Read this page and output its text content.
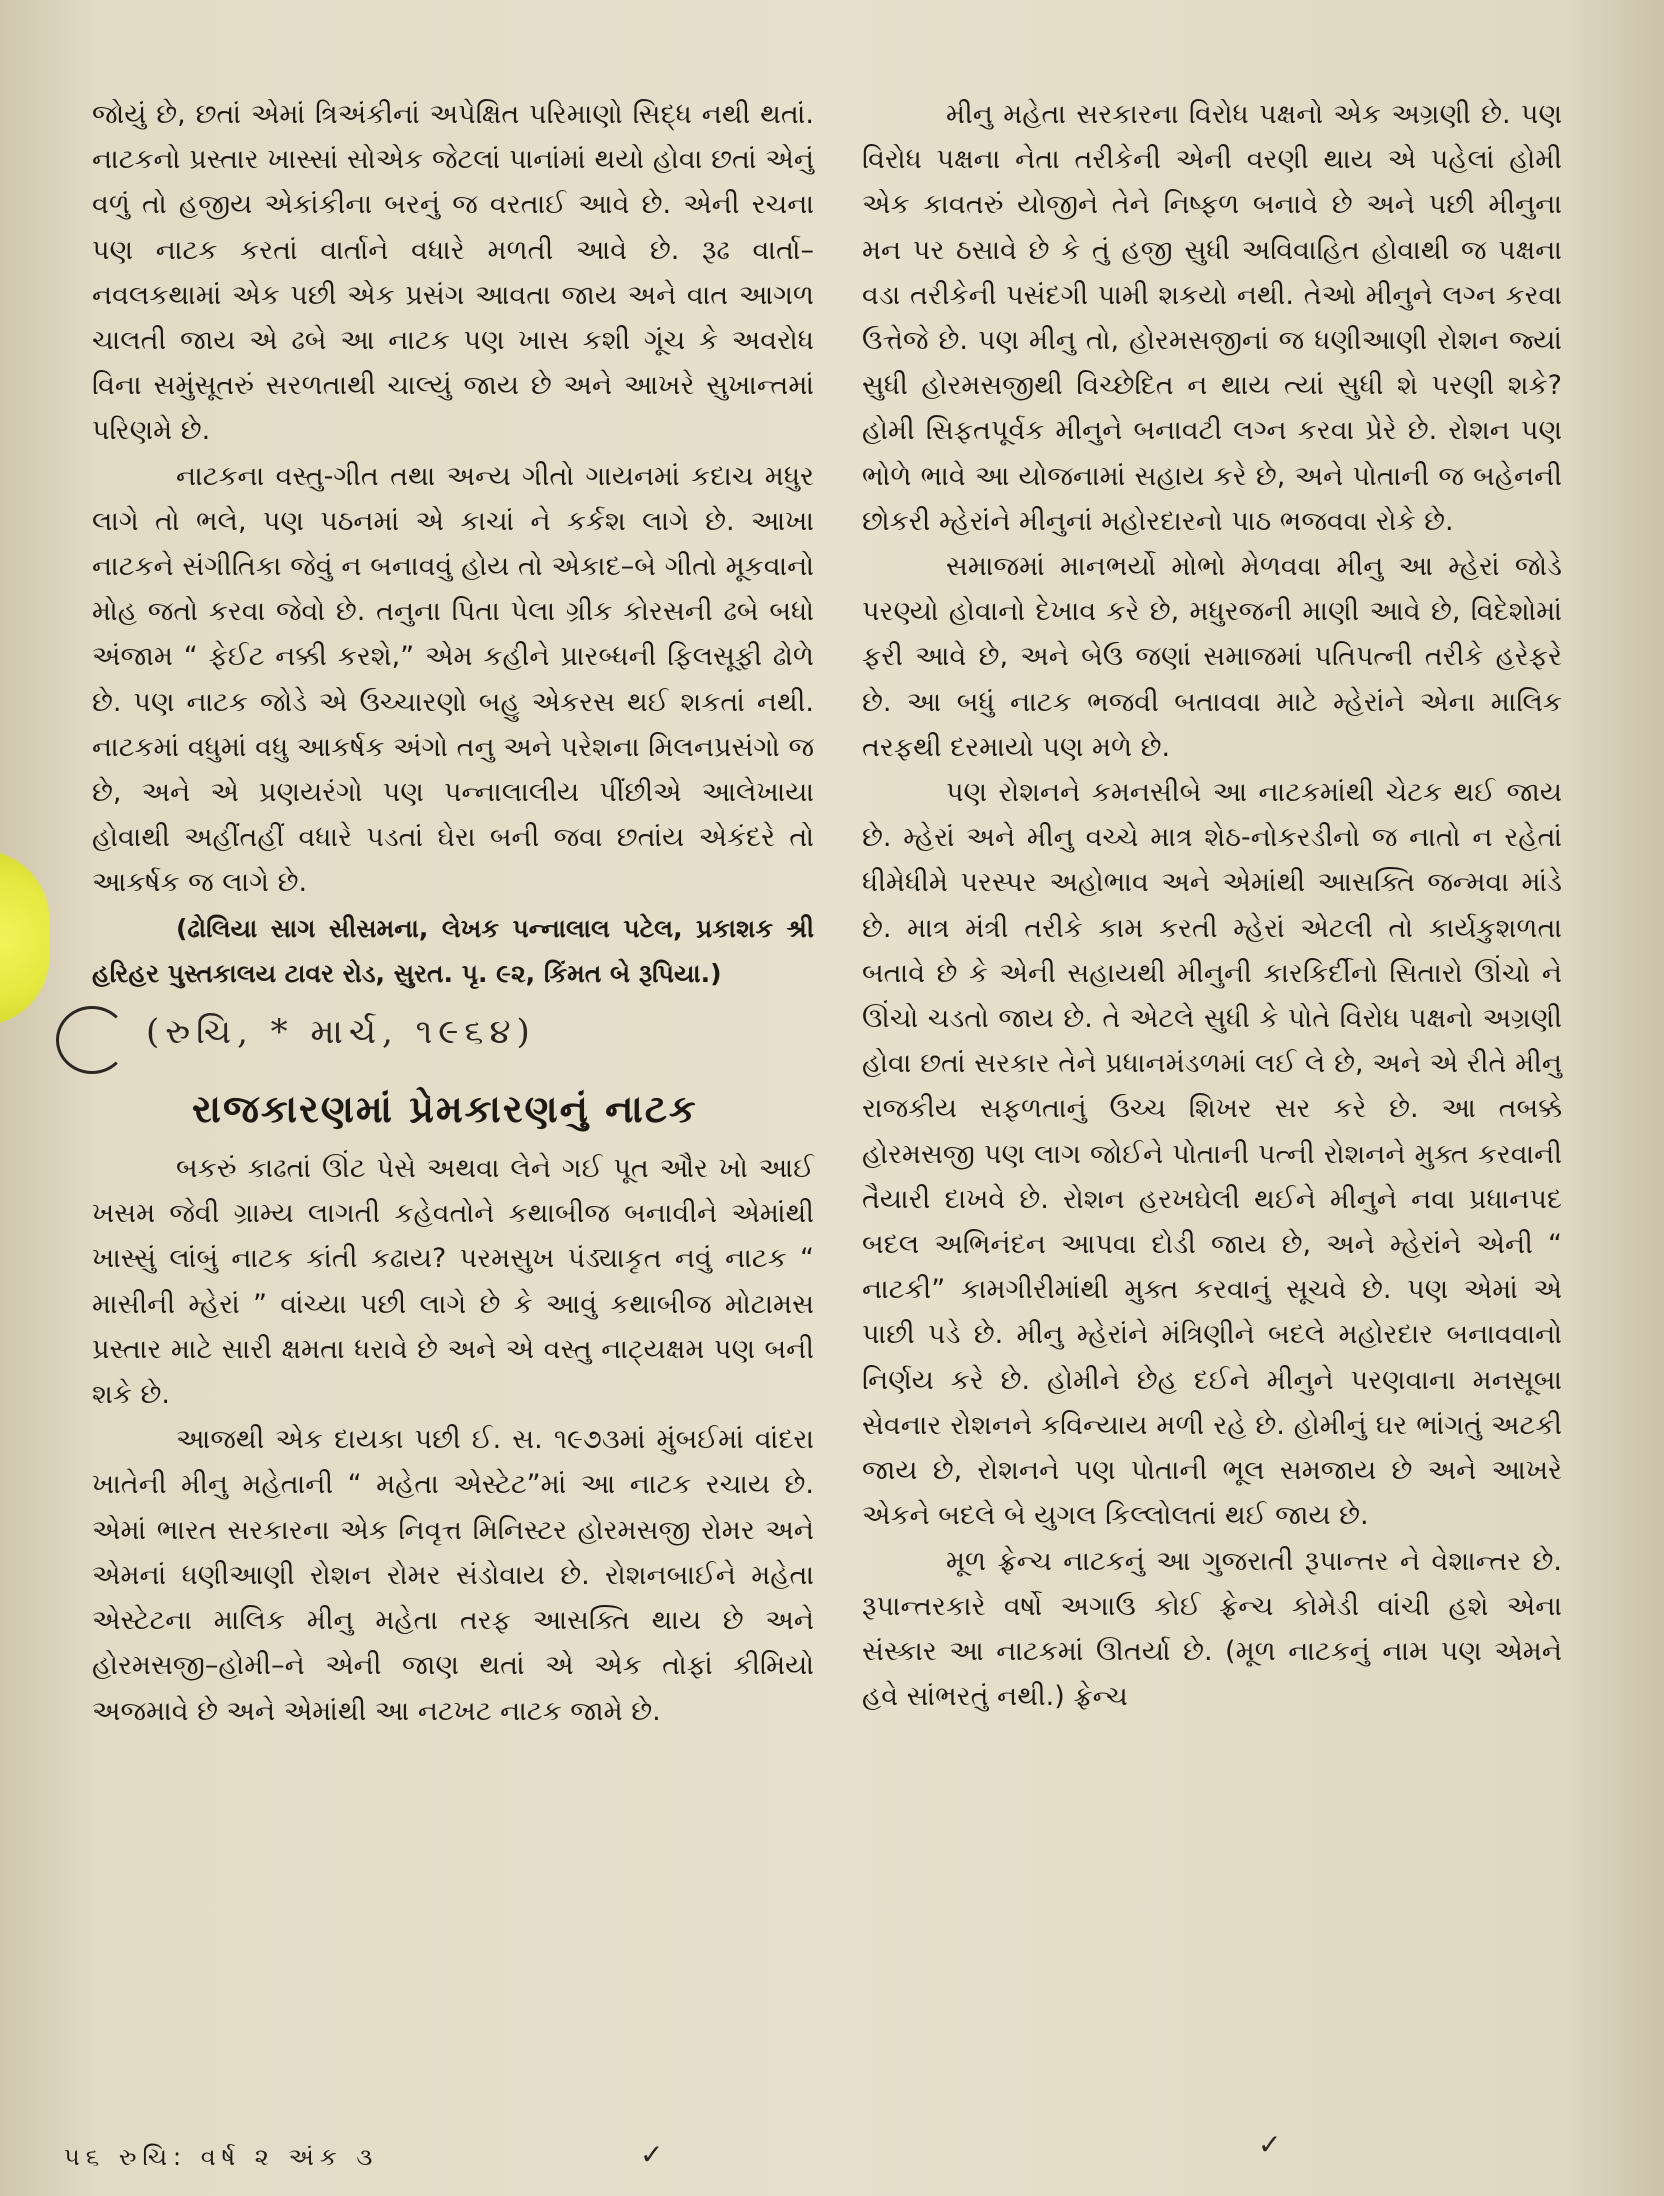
જોયું છે, છતાં એમાં ત્રિઅંકીનાં અપેક્ષિત પરિમાણો સિદ્ધ નથી થતાં. નાટકનો પ્રસ્તાર ખાસ્સાં સોએક જેટલાં પાનાંમાં થયો હોવા છતાં એનું વળું તો હજીય એકાંકીના બરનું જ વરતાઈ આવે છે. એની રચના પણ નાટક કરતાં વાર્તાને વધારે મળતી આવે છે. રૂઢ વાર્તા–નવલકથામાં એક પછી એક પ્રસંગ આવતા જાય અને વાત આગળ ચાલતી જાય એ ઢબે આ નાટક પણ ખાસ કશી ગૂંચ કે અવરોધ વિના સમુંસૂતરું સરળતાથી ચાલ્યું જાય છે અને આખરે સુખાન્તમાં પરિણમે છે.

નાટકના વસ્તુ-ગીત તથા અન્ય ગીતો ગાયનમાં કદાચ મધુર લાગે તો ભલે, પણ પઠનમાં એ કાચાં ને કર્કશ લાગે છે. આખા નાટકને સંગીતિકા જેવું ન બનાવવું હોય તો એકાદ–બે ગીતો મૂકવાનો મોહ જતો કરવા જેવો છે. તનુના પિતા પેલા ગ્રીક કોરસની ઢબે બધો અંજામ “ ફેઈટ નક્કી કરશે,” એમ કહીને પ્રારબ્ધની ફિલસૂફી ઢોળે છે. પણ નાટક જોડે એ ઉચ્ચારણો બહુ એકરસ થઈ શકતાં નથી. નાટકમાં વધુમાં વધુ આકર્ષક અંગો તનુ અને પરેશના મિલનપ્રસંગો જ છે, અને એ પ્રણયરંગો પણ પન્નાલાલીય પીંછીએ આલેખાયા હોવાથી અહીંતહીં વધારે પડતાં ઘેરા બની જવા છતાંય એકંદરે તો આકર્ષક જ લાગે છે.

(ઢોલિયા સાગ સીસમના, લેખક પન્નાલાલ પટેલ, પ્રકાશક શ્રી હરિહર પુસ્તકાલય ટાવર રોડ, સુરત. પૃ. ૯૨, કિંમત બે રૂપિયા.)

(રુચિ, * માર્ચ, ૧૯૬૪)
રાજકારણમાં પ્રેમકારણનું નાટક

બકરું કાઢતાં ઊંટ પેસે અથવા લેને ગઈ પૂત ઔર ખો આઈ ખસમ જેવી ગ્રામ્ય લાગતી કહેવતોને કથાબીજ બનાવીને એમાંથી ખાસ્સું લાંબું નાટક કાંતી કઢાય? પરમસુખ પંડ્યાકૃત નવું નાટક “ માસીની મ્હેરાં ” વાંચ્યા પછી લાગે છે કે આવું કથાબીજ મોટામસ પ્રસ્તાર માટે સારી ક્ષમતા ધરાવે છે અને એ વસ્તુ નાટ્યક્ષમ પણ બની શકે છે.

આજથી એક દાયકા પછી ઈ. સ. ૧૯૭૩માં મુંબઈમાં વાંદરા ખાતેની મીનુ મહેતાની “ મહેતા એસ્ટેટ”માં આ નાટક રચાય છે. એમાં ભારત સરકારના એક નિવૃત્ત મિનિસ્ટર હોરમસજી રોમર અને એમનાં ધણીઆણી રોશન રોમર સંડોવાય છે. રોશનબાઈને મહેતા એસ્ટેટના માલિક મીનુ મહેતા તરફ આસક્તિ થાય છે અને હોરમસજી–હોમી–ને એની જાણ થતાં એ એક તોફાં કીમિયો અજમાવે છે અને એમાંથી આ નટખટ નાટક જામે છે.

મીનુ મહેતા સરકારના વિરોધ પક્ષનો એક અગ્રણી છે. પણ વિરોધ પક્ષના નેતા તરીકેની એની વરણી થાય એ પહેલાં હોમી એક કાવતરું યોજીને તેને નિષ્ફળ બનાવે છે અને પછી મીનુના મન પર ઠસાવે છે કે તું હજી સુધી અવિવાહિત હોવાથી જ પક્ષના વડા તરીકેની પસંદગી પામી શકયો નથી. તેઓ મીનુને લગ્ન કરવા ઉત્તેજે છે. પણ મીનુ તો, હોરમસજીનાં જ ધણીઆણી રોશન જ્યાં સુધી હોરમસજીથી વિચ્છેદિત ન થાય ત્યાં સુધી શે પરણી શકે? હોમી સિફતપૂર્વક મીનુને બનાવટી લગ્ન કરવા પ્રેરે છે. રોશન પણ ભોળે ભાવે આ યોજનામાં સહાય કરે છે, અને પોતાની જ બહેનની છોકરી મ્હેરાંને મીનુનાં મહોરદારનો પાઠ ભજવવા રોકે છે.

સમાજમાં માનભર્યો મોભો મેળવવા મીનુ આ મ્હેરાં જોડે પરણ્યો હોવાનો દેખાવ કરે છે, મધુરજની માણી આવે છે, વિદેશોમાં ફરી આવે છે, અને બેઉ જણાં સમાજમાં પતિપત્ની તરીકે હરેફરે છે. આ બધું નાટક ભજવી બતાવવા માટે મ્હેરાંને એના માલિક તરફથી દરમાયો પણ મળે છે.

પણ રોશનને કમનસીબે આ નાટકમાંથી ચેટક થઈ જાય છે. મ્હેરાં અને મીનુ વચ્ચે માત્ર શેઠ-નોકરડીનો જ નાતો ન રહેતાં ધીમેધીમે પરસ્પર અહોભાવ અને એમાંથી આસક્તિ જન્મવા માંડે છે. માત્ર મંત્રી તરીકે કામ કરતી મ્હેરાં એટલી તો કાર્યકુશળતા બતાવે છે કે એની સહાયથી મીનુની કારકિર્દીનો સિતારો ઊંચો ને ઊંચો ચડતો જાય છે. તે એટલે સુધી કે પોતે વિરોધ પક્ષનો અગ્રણી હોવા છતાં સરકાર તેને પ્રધાનમંડળમાં લઈ લે છે, અને એ રીતે મીનુ રાજકીય સફળતાનું ઉચ્ચ શિખર સર કરે છે. આ તબક્કે હોરમસજી પણ લાગ જોઈને પોતાની પત્ની રોશનને મુક્ત કરવાની તૈયારી દાખવે છે. રોશન હરખઘેલી થઈને મીનુને નવા પ્રધાનપદ બદલ અભિનંદન આપવા દોડી જાય છે, અને મ્હેરાંને એની “ નાટકી” કામગીરીમાંથી મુક્ત કરવાનું સૂચવે છે. પણ એમાં એ પાછી પડે છે. મીનુ મ્હેરાંને મંત્રિણીને બદલે મહોરદાર બનાવવાનો નિર્ણય કરે છે. હોમીને છેહ દઈને મીનુને પરણવાના મનસૂબા સેવનાર રોશનને કવિન્યાય મળી રહે છે. હોમીનું ઘર ભાંગતું અટકી જાય છે, રોશનને પણ પોતાની ભૂલ સમજાય છે અને આખરે એકને બદલે બે યુગલ કિલ્લોલતાં થઈ જાય છે.

મૂળ ફ્રેન્ચ નાટકનું આ ગુજરાતી રૂપાન્તર ને વેશાન્તર છે. રૂપાન્તરકારે વર્ષો અગાઉ કોઈ ફ્રેન્ચ કોમેડી વાંચી હશે એના સંસ્કાર આ નાટકમાં ઊતર્યા છે. (મૂળ નાટકનું નામ પણ એમને હવે સાંભરતું નથી.) ફ્રેન્ચ

૫૬ રુચિ: વર્ષ ૨ અંક ૩	✓	✓
